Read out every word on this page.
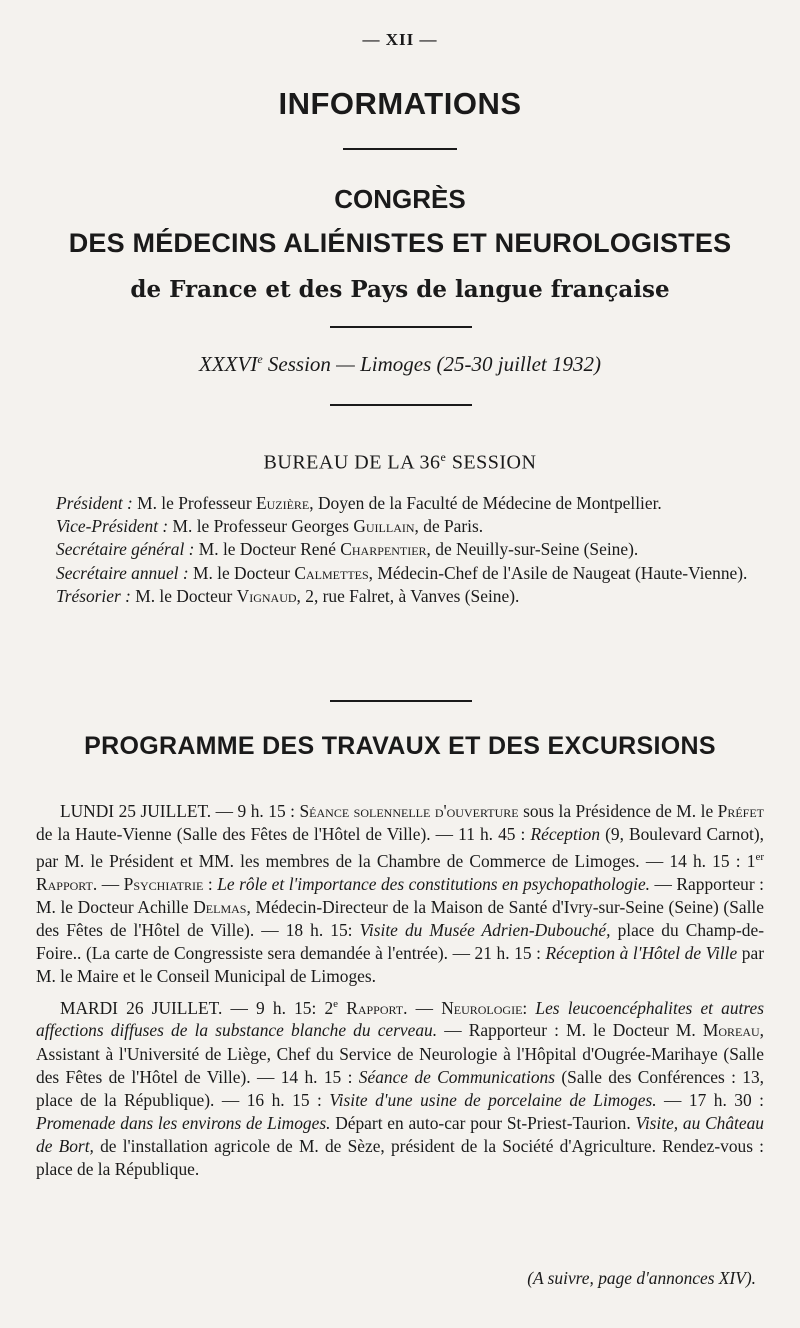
— XII —
INFORMATIONS
CONGRÈS
DES MÉDECINS ALIÉNISTES ET NEUROLOGISTES
de France et des Pays de langue française
XXXVIe Session — Limoges (25-30 juillet 1932)
BUREAU DE LA 36e SESSION

Président : M. le Professeur Euzière, Doyen de la Faculté de Médecine de Montpellier.

Vice-Président : M. le Professeur Georges Guillain, de Paris.

Secrétaire général : M. le Docteur René Charpentier, de Neuilly-sur-Seine (Seine).

Secrétaire annuel : M. le Docteur Calmettes, Médecin-Chef de l'Asile de Naugeat (Haute-Vienne).

Trésorier : M. le Docteur Vignaud, 2, rue Falret, à Vanves (Seine).

PROGRAMME DES TRAVAUX ET DES EXCURSIONS

LUNDI 25 JUILLET. — 9 h. 15 : Séance solennelle d'ouverture sous la Présidence de M. le Préfet de la Haute-Vienne (Salle des Fêtes de l'Hôtel de Ville). — 11 h. 45 : Réception (9, Boulevard Carnot), par M. le Président et MM. les membres de la Chambre de Commerce de Limoges. — 14 h. 15 : 1er Rapport. — Psychiatrie : Le rôle et l'importance des constitutions en psychopathologie. — Rapporteur : M. le Docteur Achille Delmas, Médecin-Directeur de la Maison de Santé d'Ivry-sur-Seine (Seine) (Salle des Fêtes de l'Hôtel de Ville). — 18 h. 15: Visite du Musée Adrien-Dubouché, place du Champ-de-Foire.. (La carte de Congressiste sera demandée à l'entrée). — 21 h. 15 : Réception à l'Hôtel de Ville par M. le Maire et le Conseil Municipal de Limoges.

MARDI 26 JUILLET. — 9 h. 15: 2e Rapport. — Neurologie: Les leucoencéphalites et autres affections diffuses de la substance blanche du cerveau. — Rapporteur : M. le Docteur M. Moreau, Assistant à l'Université de Liège, Chef du Service de Neurologie à l'Hôpital d'Ougrée-Marihaye (Salle des Fêtes de l'Hôtel de Ville). — 14 h. 15 : Séance de Communications (Salle des Conférences : 13, place de la République). — 16 h. 15 : Visite d'une usine de porcelaine de Limoges. — 17 h. 30 : Promenade dans les environs de Limoges. Départ en auto-car pour St-Priest-Taurion. Visite, au Château de Bort, de l'installation agricole de M. de Sèze, président de la Société d'Agriculture. Rendez-vous : place de la République.

(A suivre, page d'annonces XIV).
